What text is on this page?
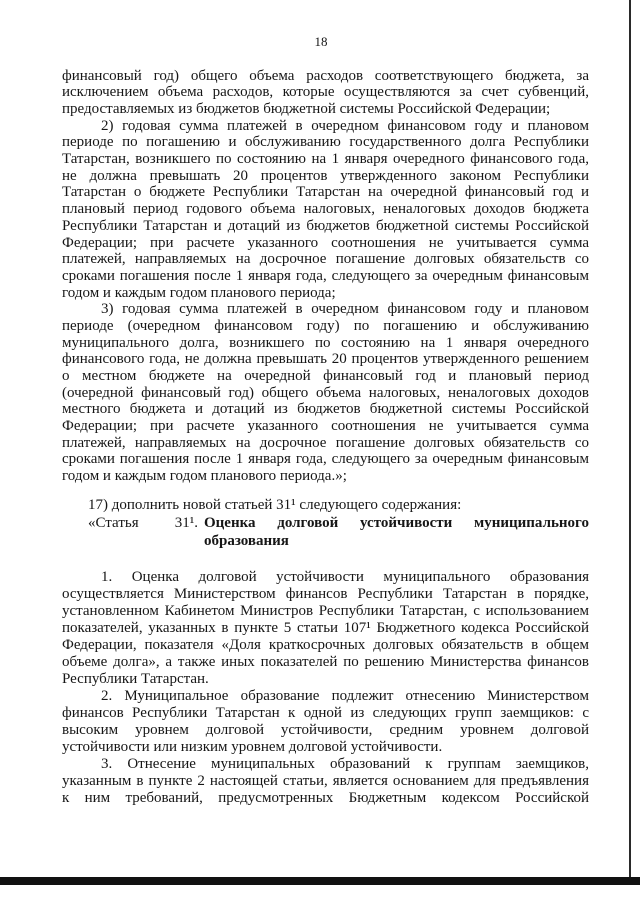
18
финансовый год) общего объема расходов соответствующего бюджета, за
исключением объема расходов, которые осуществляются за счет субвенций,
предоставляемых из бюджетов бюджетной системы Российской Федерации;
2) годовая сумма платежей в очередном финансовом году и плановом
периоде по погашению и обслуживанию государственного долга Республики
Татарстан, возникшего по состоянию на 1 января очередного финансового года,
не должна превышать 20 процентов утвержденного законом Республики
Татарстан о бюджете Республики Татарстан на очередной финансовый год и
плановый период годового объема налоговых, неналоговых доходов бюджета
Республики Татарстан и дотаций из бюджетов бюджетной системы Российской
Федерации; при расчете указанного соотношения не учитывается сумма
платежей, направляемых на досрочное погашение долговых обязательств со
сроками погашения после 1 января года, следующего за очередным финансовым
годом и каждым годом планового периода;
3) годовая сумма платежей в очередном финансовом году и плановом
периоде (очередном финансовом году) по погашению и обслуживанию
муниципального долга, возникшего по состоянию на 1 января очередного
финансового года, не должна превышать 20 процентов утвержденного решением
о местном бюджете на очередной финансовый год и плановый период
(очередной финансовый год) общего объема налоговых, неналоговых доходов
местного бюджета и дотаций из бюджетов бюджетной системы Российской
Федерации; при расчете указанного соотношения не учитывается сумма
платежей, направляемых на досрочное погашение долговых обязательств со
сроками погашения после 1 января года, следующего за очередным финансовым
годом и каждым годом планового периода.»;
17) дополнить новой статьей 31¹ следующего содержания:
«Статья 31¹. Оценка долговой устойчивости муниципального
образования
1. Оценка долговой устойчивости муниципального образования
осуществляется Министерством финансов Республики Татарстан в порядке,
установленном Кабинетом Министров Республики Татарстан, с использованием
показателей, указанных в пункте 5 статьи 107¹ Бюджетного кодекса Российской
Федерации, показателя «Доля краткосрочных долговых обязательств в общем
объеме долга», а также иных показателей по решению Министерства финансов
Республики Татарстан.
2. Муниципальное образование подлежит отнесению Министерством
финансов Республики Татарстан к одной из следующих групп заемщиков: с
высоким уровнем долговой устойчивости, средним уровнем долговой
устойчивости или низким уровнем долговой устойчивости.
3. Отнесение муниципальных образований к группам заемщиков,
указанным в пункте 2 настоящей статьи, является основанием для предъявления
к ним требований, предусмотренных Бюджетным кодексом Российской
